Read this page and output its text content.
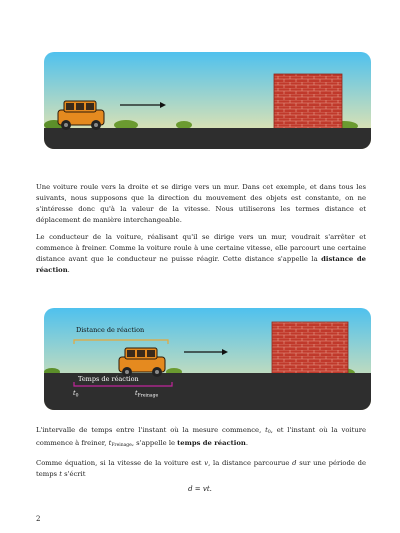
Une voiture roule vers la droite et se dirige vers un mur. Dans cet exemple, et dans tous les suivants, nous supposons que la direction du mouvement des objets est constante, on ne s'intéresse donc qu'à la valeur de la vitesse. Nous utiliserons les termes distance et déplacement de manière interchangeable.

Le conducteur de la voiture, réalisant qu'il se dirige vers un mur, voudrait s'arrêter et commence à freiner. Comme la voiture roule à une certaine vitesse, elle parcourt une certaine distance avant que le conducteur ne puisse réagir. Cette distance s'appelle la distance de réaction.

Distance de réaction
Temps de réaction
$t_0$	$t_{Freinage}$

L'intervalle de temps entre l'instant où la mesure commence, $t_0$, et l'instant où la voiture commence à freiner, $t_{Freinage}$, s'appelle le temps de réaction.

Comme équation, si la vitesse de la voiture est v, la distance parcourue d sur une période de temps t s'écrit

d = vt.
2
